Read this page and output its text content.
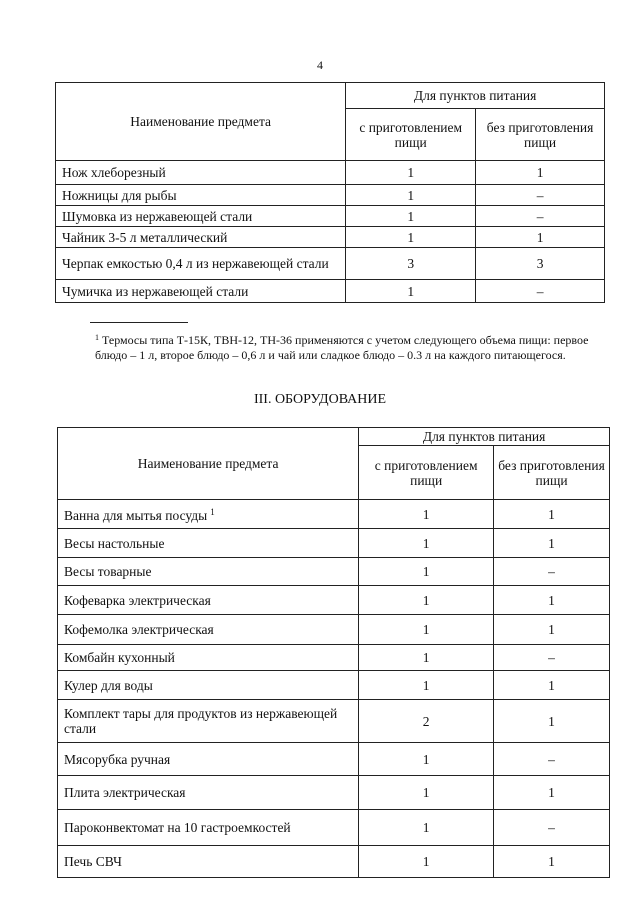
4
Наименование предмета	Для пунктов питания	
	с приготовлением пищи	без приготовления пищи
Нож хлеборезный	1	1
Ножницы для рыбы	1	–
Шумовка из нержавеющей стали	1	–
Чайник 3-5 л металлический	1	1
Черпак емкостью 0,4 л из нержавеющей стали	3	3
Чумичка из нержавеющей стали	1	–
$^1$ Термосы типа Т-15К, ТВН-12, ТН-36 применяются с учетом следующего объема пищи: первое блюдо – 1 л, второе блюдо – 0,6 л и чай или сладкое блюдо – 0.3 л на каждого питающегося.
III. ОБОРУДОВАНИЕ
Наименование предмета	Для пунктов питания	
	с приготовлением пищи	без приготовления пищи
Ванна для мытья посуды $^1$	1	1
Весы настольные	1	1
Весы товарные	1	–
Кофеварка электрическая	1	1
Кофемолка электрическая	1	1
Комбайн кухонный	1	–
Кулер для воды	1	1
Комплект тары для продуктов из нержавеющей стали	2	1
Мясорубка ручная	1	–
Плита электрическая	1	1
Пароконвектомат на 10 гастроемкостей	1	–
Печь СВЧ	1	1
